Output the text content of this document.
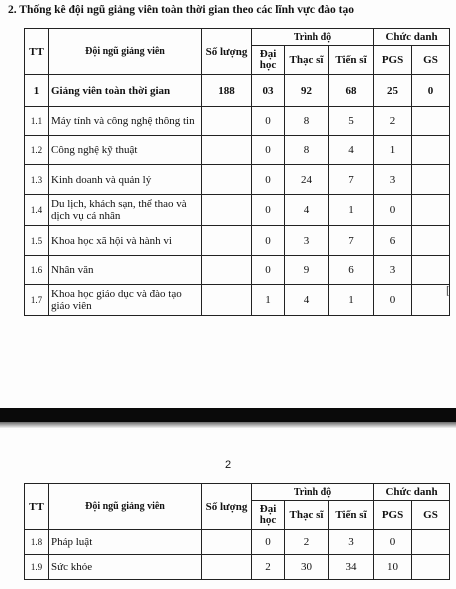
2. Thống kê đội ngũ giảng viên toàn thời gian theo các lĩnh vực đào tạo
TT	Đội ngũ giảng viên	Số lượng	Trình độ			Chức danh	
			Đại học	Thạc sĩ	Tiến sĩ	PGS	GS
1	Giảng viên toàn thời gian	188	03	92	68	25	0
1.1	Máy tính và công nghệ thông tin		0	8	5	2	
1.2	Công nghệ kỹ thuật		0	8	4	1	
1.3	Kinh doanh và quản lý		0	24	7	3	
1.4	Du lịch, khách sạn, thể thao và dịch vụ cá nhân		0	4	1	0	
1.5	Khoa học xã hội và hành vi		0	3	7	6	
1.6	Nhân văn		0	9	6	3	
1.7	Khoa học giáo dục và đào tạo giáo viên		1	4	1	0	
[
2
TT	Đội ngũ giảng viên	Số lượng	Trình độ			Chức danh	
			Đại học	Thạc sĩ	Tiến sĩ	PGS	GS
1.8	Pháp luật		0	2	3	0	
1.9	Sức khỏe		2	30	34	10	
